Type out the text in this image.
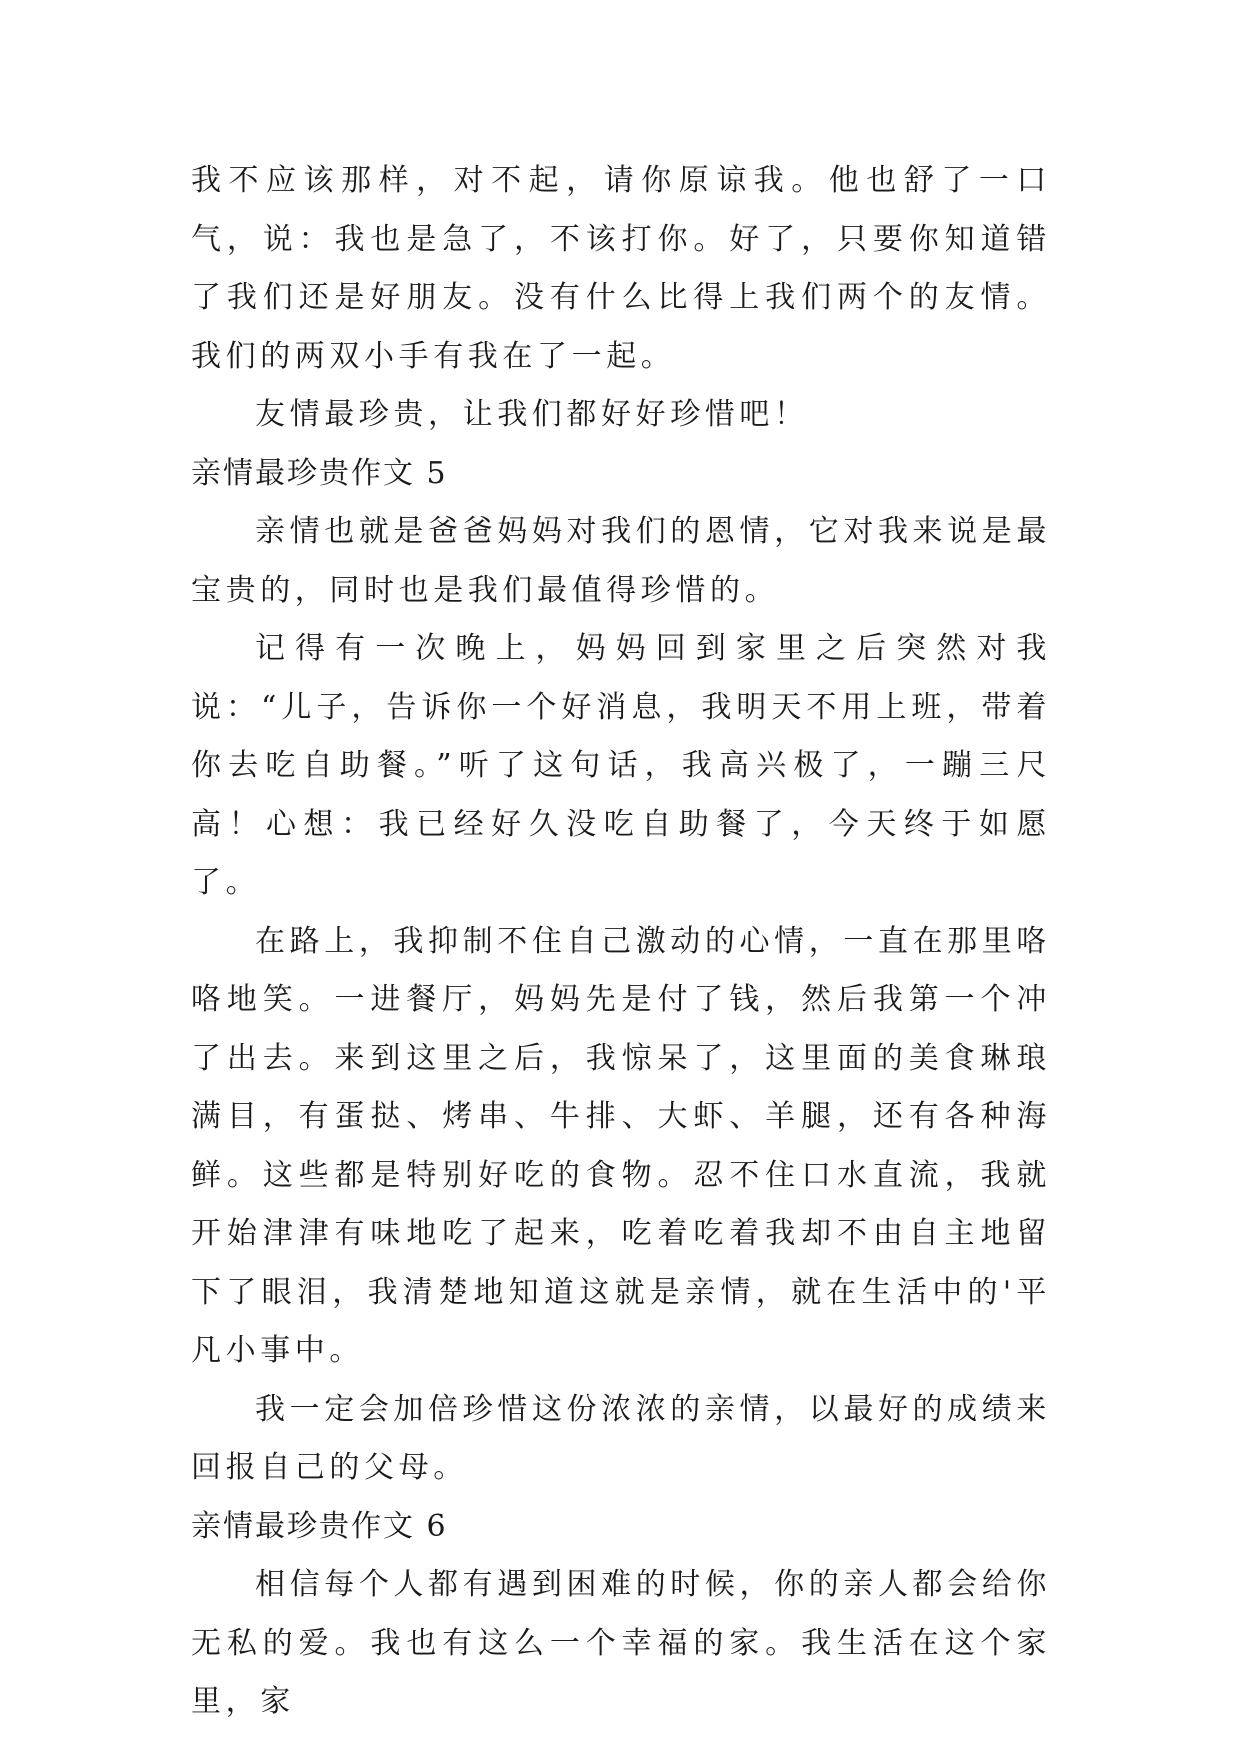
我不应该那样，对不起，请你原谅我。他也舒了一口气，说：我也是急了，不该打你。好了，只要你知道错了我们还是好朋友。没有什么比得上我们两个的友情。我们的两双小手有我在了一起。

友情最珍贵，让我们都好好珍惜吧！

亲情最珍贵作文 5

亲情也就是爸爸妈妈对我们的恩情，它对我来说是最宝贵的，同时也是我们最值得珍惜的。

记得有一次晚上，妈妈回到家里之后突然对我说：“儿子，告诉你一个好消息，我明天不用上班，带着你去吃自助餐。”听了这句话，我高兴极了，一蹦三尺高！心想：我已经好久没吃自助餐了，今天终于如愿了。

在路上，我抑制不住自己激动的心情，一直在那里咯咯地笑。一进餐厅，妈妈先是付了钱，然后我第一个冲了出去。来到这里之后，我惊呆了，这里面的美食琳琅满目，有蛋挞、烤串、牛排、大虾、羊腿，还有各种海鲜。这些都是特别好吃的食物。忍不住口水直流，我就开始津津有味地吃了起来，吃着吃着我却不由自主地留下了眼泪，我清楚地知道这就是亲情，就在生活中的'平凡小事中。

我一定会加倍珍惜这份浓浓的亲情，以最好的成绩来回报自己的父母。

亲情最珍贵作文 6

相信每个人都有遇到困难的时候，你的亲人都会给你无私的爱。我也有这么一个幸福的家。我生活在这个家里，家
